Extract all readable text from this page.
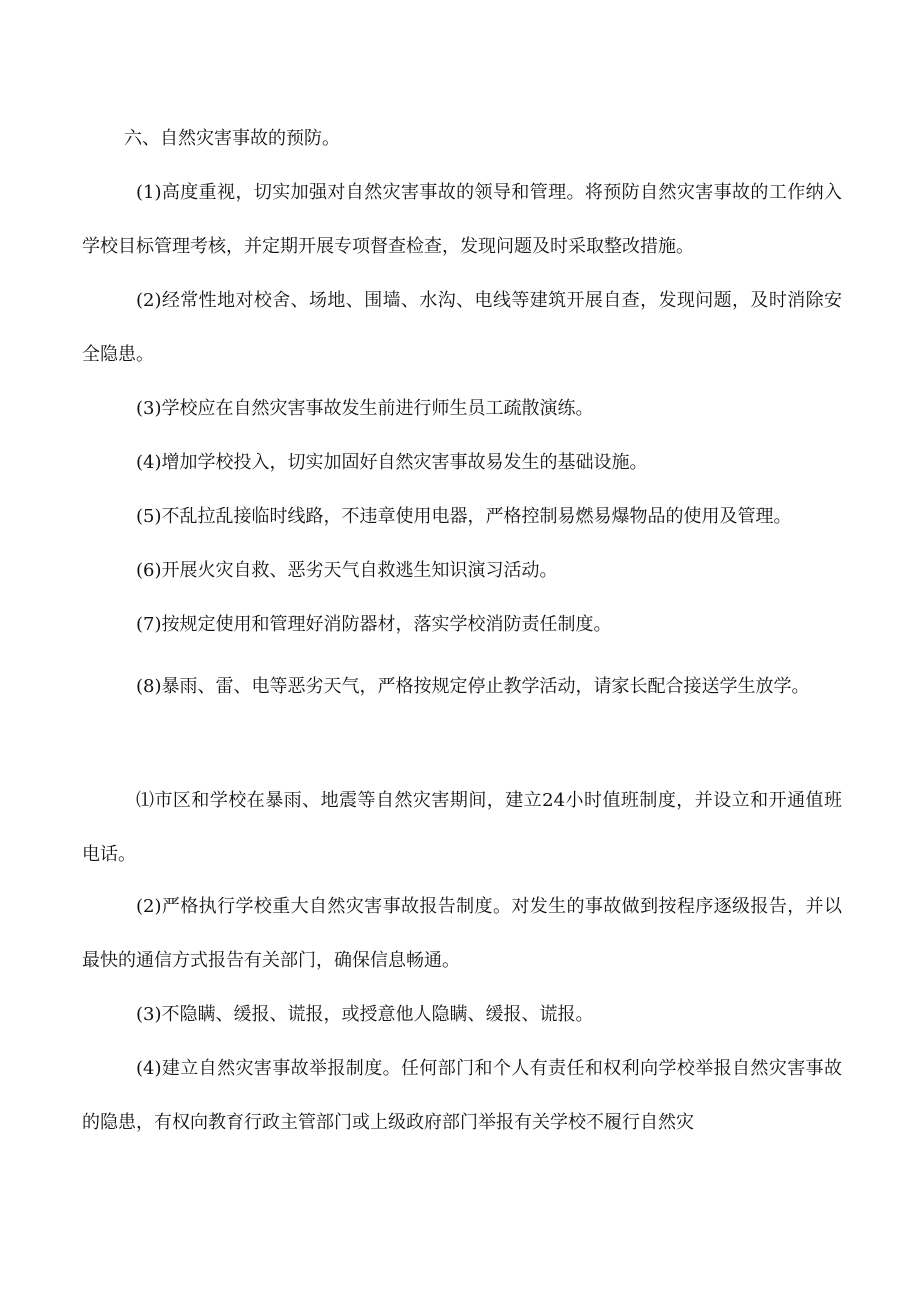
六、自然灾害事故的预防。

(1)高度重视，切实加强对自然灾害事故的领导和管理。将预防自然灾害事故的工作纳入学校目标管理考核，并定期开展专项督查检查，发现问题及时采取整改措施。

(2)经常性地对校舍、场地、围墙、水沟、电线等建筑开展自查，发现问题，及时消除安全隐患。

(3)学校应在自然灾害事故发生前进行师生员工疏散演练。

(4)增加学校投入，切实加固好自然灾害事故易发生的基础设施。

(5)不乱拉乱接临时线路，不违章使用电器，严格控制易燃易爆物品的使用及管理。

(6)开展火灾自救、恶劣天气自救逃生知识演习活动。

(7)按规定使用和管理好消防器材，落实学校消防责任制度。

(8)暴雨、雷、电等恶劣天气，严格按规定停止教学活动，请家长配合接送学生放学。

⑴市区和学校在暴雨、地震等自然灾害期间，建立24小时值班制度，并设立和开通值班电话。

(2)严格执行学校重大自然灾害事故报告制度。对发生的事故做到按程序逐级报告，并以最快的通信方式报告有关部门，确保信息畅通。

(3)不隐瞒、缓报、谎报，或授意他人隐瞒、缓报、谎报。

(4)建立自然灾害事故举报制度。任何部门和个人有责任和权利向学校举报自然灾害事故的隐患，有权向教育行政主管部门或上级政府部门举报有关学校不履行自然灾
